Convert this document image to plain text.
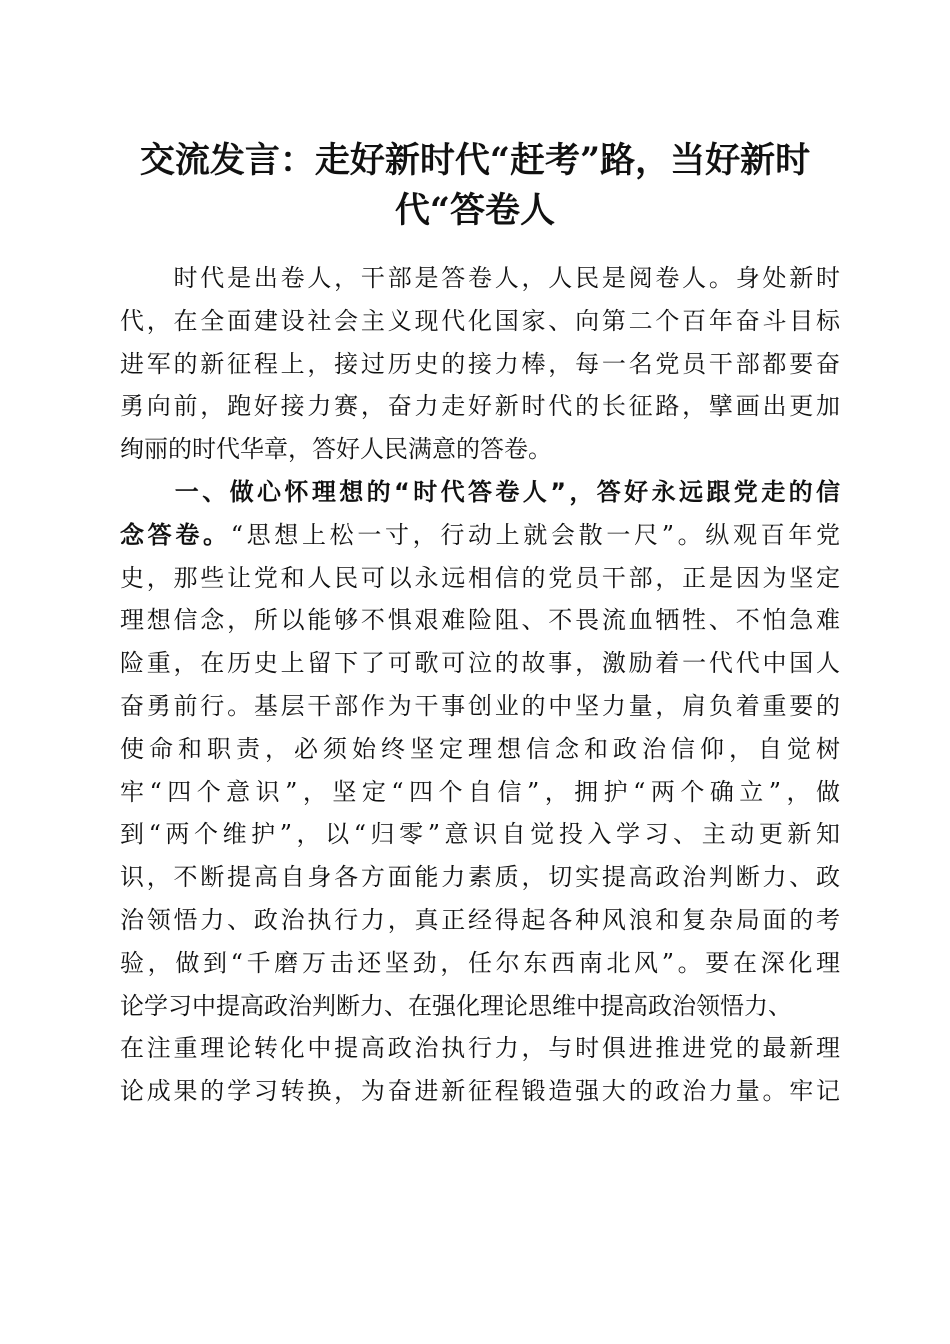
交流发言：走好新时代“赶考”路，当好新时
代“答卷人
　　时代是出卷人，干部是答卷人，人民是阅卷人。身处新时
代，在全面建设社会主义现代化国家、向第二个百年奋斗目标
进军的新征程上，接过历史的接力棒，每一名党员干部都要奋
勇向前，跑好接力赛，奋力走好新时代的长征路，擘画出更加
绚丽的时代华章，答好人民满意的答卷。
　　一、做心怀理想的“时代答卷人”，答好永远跟党走的信
念答卷。“思想上松一寸，行动上就会散一尺”。纵观百年党
史，那些让党和人民可以永远相信的党员干部，正是因为坚定
理想信念，所以能够不惧艰难险阻、不畏流血牺牲、不怕急难
险重，在历史上留下了可歌可泣的故事，激励着一代代中国人
奋勇前行。基层干部作为干事创业的中坚力量，肩负着重要的
使命和职责，必须始终坚定理想信念和政治信仰，自觉树
牢“四个意识”，坚定“四个自信”，拥护“两个确立”，做
到“两个维护”，以“归零”意识自觉投入学习、主动更新知
识，不断提高自身各方面能力素质，切实提高政治判断力、政
治领悟力、政治执行力，真正经得起各种风浪和复杂局面的考
验，做到“千磨万击还坚劲，任尔东西南北风”。要在深化理
论学习中提高政治判断力、在强化理论思维中提高政治领悟力、
在注重理论转化中提高政治执行力，与时俱进推进党的最新理
论成果的学习转换，为奋进新征程锻造强大的政治力量。牢记
